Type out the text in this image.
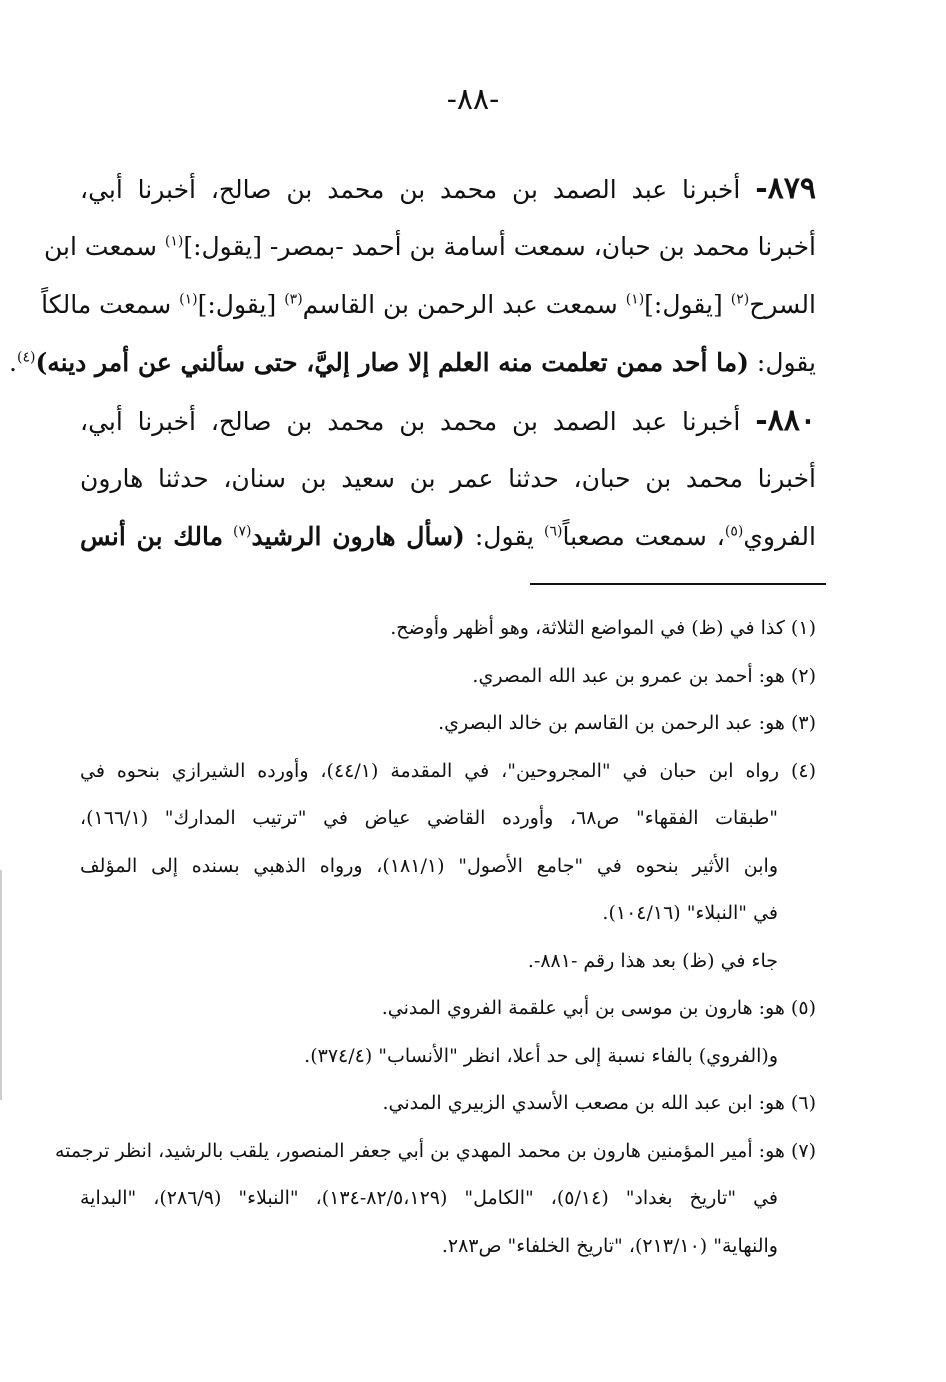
-٨٨-
٨٧٩- أخبرنا عبد الصمد بن محمد بن محمد بن صالح، أخبرنا أبي،
أخبرنا محمد بن حبان، سمعت أسامة بن أحمد -بمصر- [يقول:]$^{(١)}$ سمعت ابن
السرح$^{(٢)}$ [يقول:]$^{(١)}$ سمعت عبد الرحمن بن القاسم$^{(٣)}$ [يقول:]$^{(١)}$ سمعت مالكاً
يقول: (ما أحد ممن تعلمت منه العلم إلا صار إليَّ، حتى سألني عن أمر دينه)$^{(٤)}$.
٨٨٠- أخبرنا عبد الصمد بن محمد بن محمد بن صالح، أخبرنا أبي،
أخبرنا محمد بن حبان، حدثنا عمر بن سعيد بن سنان، حدثنا هارون
الفروي$^{(٥)}$، سمعت مصعباً$^{(٦)}$ يقول: (سأل هارون الرشيد$^{(٧)}$ مالك بن أنس
(١) كذا في (ظ) في المواضع الثلاثة، وهو أظهر وأوضح.
(٢) هو: أحمد بن عمرو بن عبد الله المصري.
(٣) هو: عبد الرحمن بن القاسم بن خالد البصري.
(٤) رواه ابن حبان في "المجروحين"، في المقدمة (٤٤/١)، وأورده الشيرازي بنحوه في
"طبقات الفقهاء" ص٦٨، وأورده القاضي عياض في "ترتيب المدارك" (١٦٦/١)،
وابن الأثير بنحوه في "جامع الأصول" (١٨١/١)، ورواه الذهبي بسنده إلى المؤلف
في "النبلاء" (١٠٤/١٦).
جاء في (ظ) بعد هذا رقم -٨٨١-.
(٥) هو: هارون بن موسى بن أبي علقمة الفروي المدني.
و(الفروي) بالفاء نسبة إلى حد أعلا، انظر "الأنساب" (٣٧٤/٤).
(٦) هو: ابن عبد الله بن مصعب الأسدي الزبيري المدني.
(٧) هو: أمير المؤمنين هارون بن محمد المهدي بن أبي جعفر المنصور، يلقب بالرشيد، انظر ترجمته
في "تاريخ بغداد" (٥/١٤)، "الكامل" (٨٢/٥،١٢٩-١٣٤)، "النبلاء" (٢٨٦/٩)، "البداية
والنهاية" (٢١٣/١٠)، "تاريخ الخلفاء" ص٢٨٣.
